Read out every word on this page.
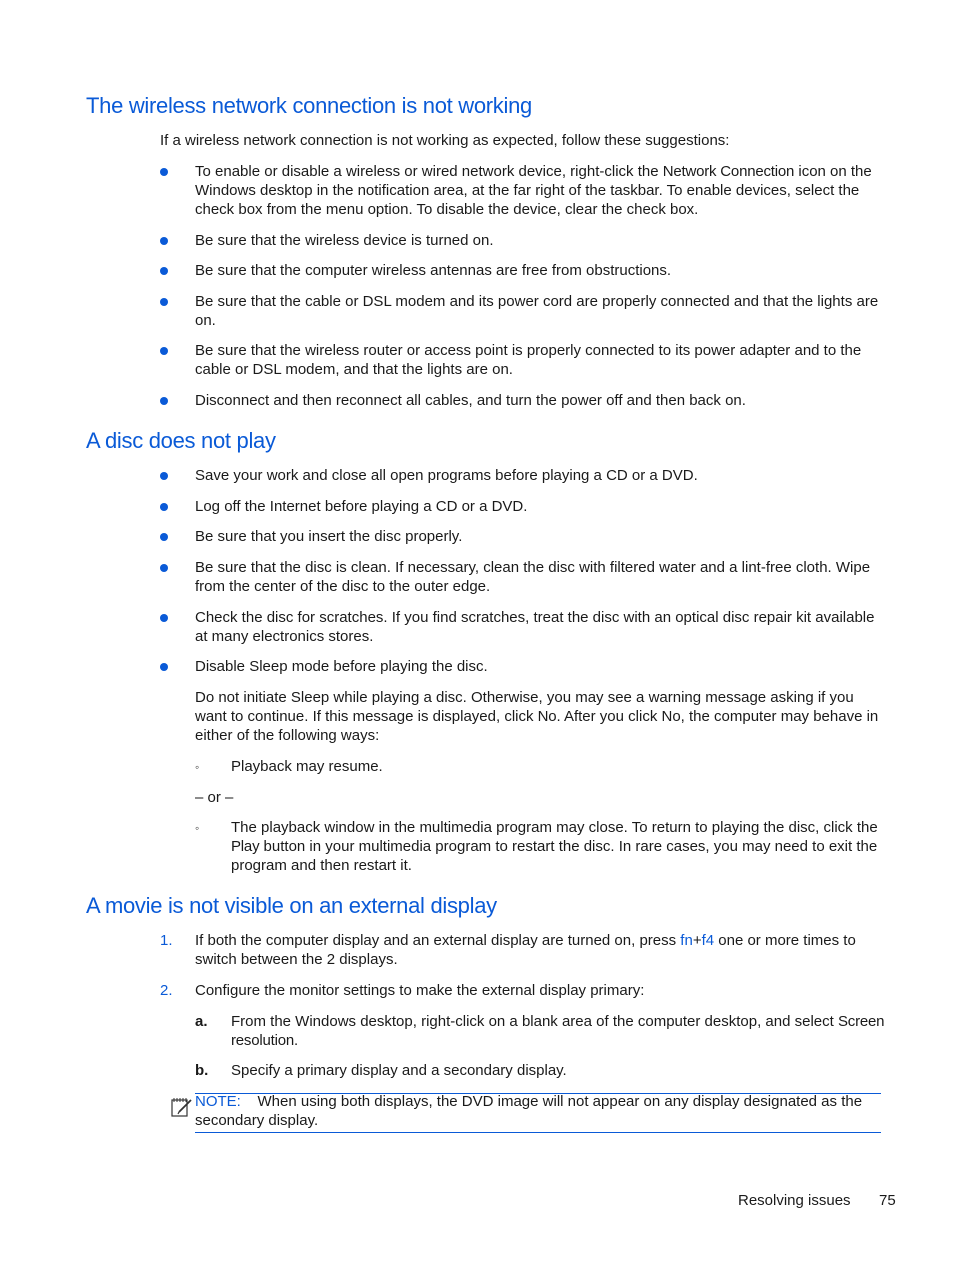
The wireless network connection is not working

If a wireless network connection is not working as expected, follow these suggestions:

To enable or disable a wireless or wired network device, right-click the Network Connection icon on the Windows desktop in the notification area, at the far right of the taskbar. To enable devices, select the check box from the menu option. To disable the device, clear the check box.
Be sure that the wireless device is turned on.
Be sure that the computer wireless antennas are free from obstructions.
Be sure that the cable or DSL modem and its power cord are properly connected and that the lights are on.
Be sure that the wireless router or access point is properly connected to its power adapter and to the cable or DSL modem, and that the lights are on.
Disconnect and then reconnect all cables, and turn the power off and then back on.
A disc does not play
Save your work and close all open programs before playing a CD or a DVD.
Log off the Internet before playing a CD or a DVD.
Be sure that you insert the disc properly.
Be sure that the disc is clean. If necessary, clean the disc with filtered water and a lint-free cloth. Wipe from the center of the disc to the outer edge.
Check the disc for scratches. If you find scratches, treat the disc with an optical disc repair kit available at many electronics stores.
Disable Sleep mode before playing the disc.
Do not initiate Sleep while playing a disc. Otherwise, you may see a warning message asking if you want to continue. If this message is displayed, click No. After you click No, the computer may behave in either of the following ways:
◦ Playback may resume.
– or –
◦ The playback window in the multimedia program may close. To return to playing the disc, click the Play button in your multimedia program to restart the disc. In rare cases, you may need to exit the program and then restart it.
A movie is not visible on an external display
1. If both the computer display and an external display are turned on, press fn+f4 one or more times to switch between the 2 displays.
2. Configure the monitor settings to make the external display primary:
a. From the Windows desktop, right-click on a blank area of the computer desktop, and select Screen resolution.
b. Specify a primary display and a secondary display.
NOTE: When using both displays, the DVD image will not appear on any display designated as the secondary display.
Resolving issues 75
